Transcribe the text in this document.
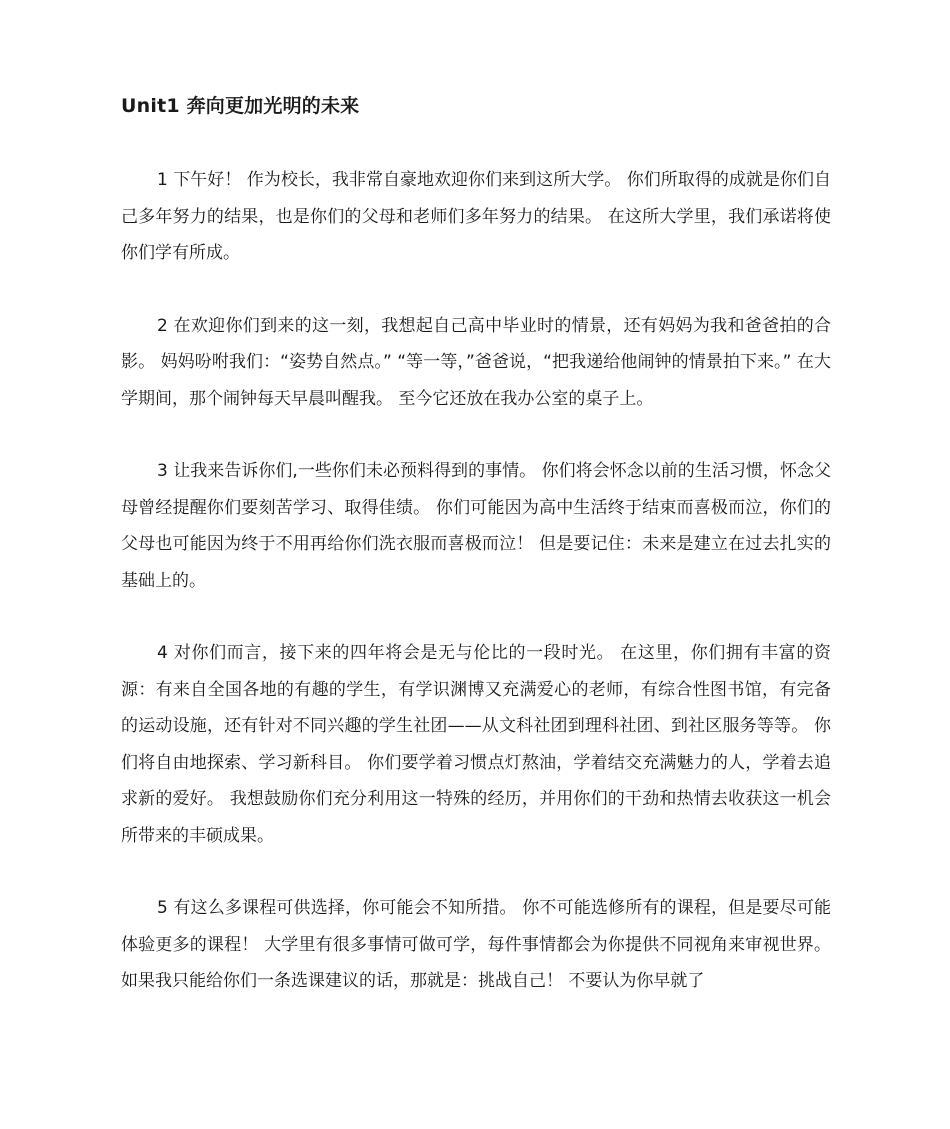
Unit1 奔向更加光明的未来

1 下午好！ 作为校长，我非常自豪地欢迎你们来到这所大学。 你们所取得的成就是你们自己多年努力的结果，也是你们的父母和老师们多年努力的结果。 在这所大学里，我们承诺将使你们学有所成。

2 在欢迎你们到来的这一刻，我想起自己高中毕业时的情景，还有妈妈为我和爸爸拍的合影。 妈妈吩咐我们：“姿势自然点。” “等一等，”爸爸说，“把我递给他闹钟的情景拍下来。” 在大学期间，那个闹钟每天早晨叫醒我。 至今它还放在我办公室的桌子上。

3 让我来告诉你们,一些你们未必预料得到的事情。 你们将会怀念以前的生活习惯，怀念父母曾经提醒你们要刻苦学习、取得佳绩。 你们可能因为高中生活终于结束而喜极而泣，你们的父母也可能因为终于不用再给你们洗衣服而喜极而泣！ 但是要记住：未来是建立在过去扎实的基础上的。

4 对你们而言，接下来的四年将会是无与伦比的一段时光。 在这里，你们拥有丰富的资源：有来自全国各地的有趣的学生，有学识渊博又充满爱心的老师，有综合性图书馆，有完备的运动设施，还有针对不同兴趣的学生社团——从文科社团到理科社团、到社区服务等等。 你们将自由地探索、学习新科目。 你们要学着习惯点灯熬油，学着结交充满魅力的人，学着去追求新的爱好。 我想鼓励你们充分利用这一特殊的经历，并用你们的干劲和热情去收获这一机会所带来的丰硕成果。

5 有这么多课程可供选择，你可能会不知所措。 你不可能选修所有的课程，但是要尽可能体验更多的课程！ 大学里有很多事情可做可学，每件事情都会为你提供不同视角来审视世界。 如果我只能给你们一条选课建议的话，那就是：挑战自己！ 不要认为你早就了
